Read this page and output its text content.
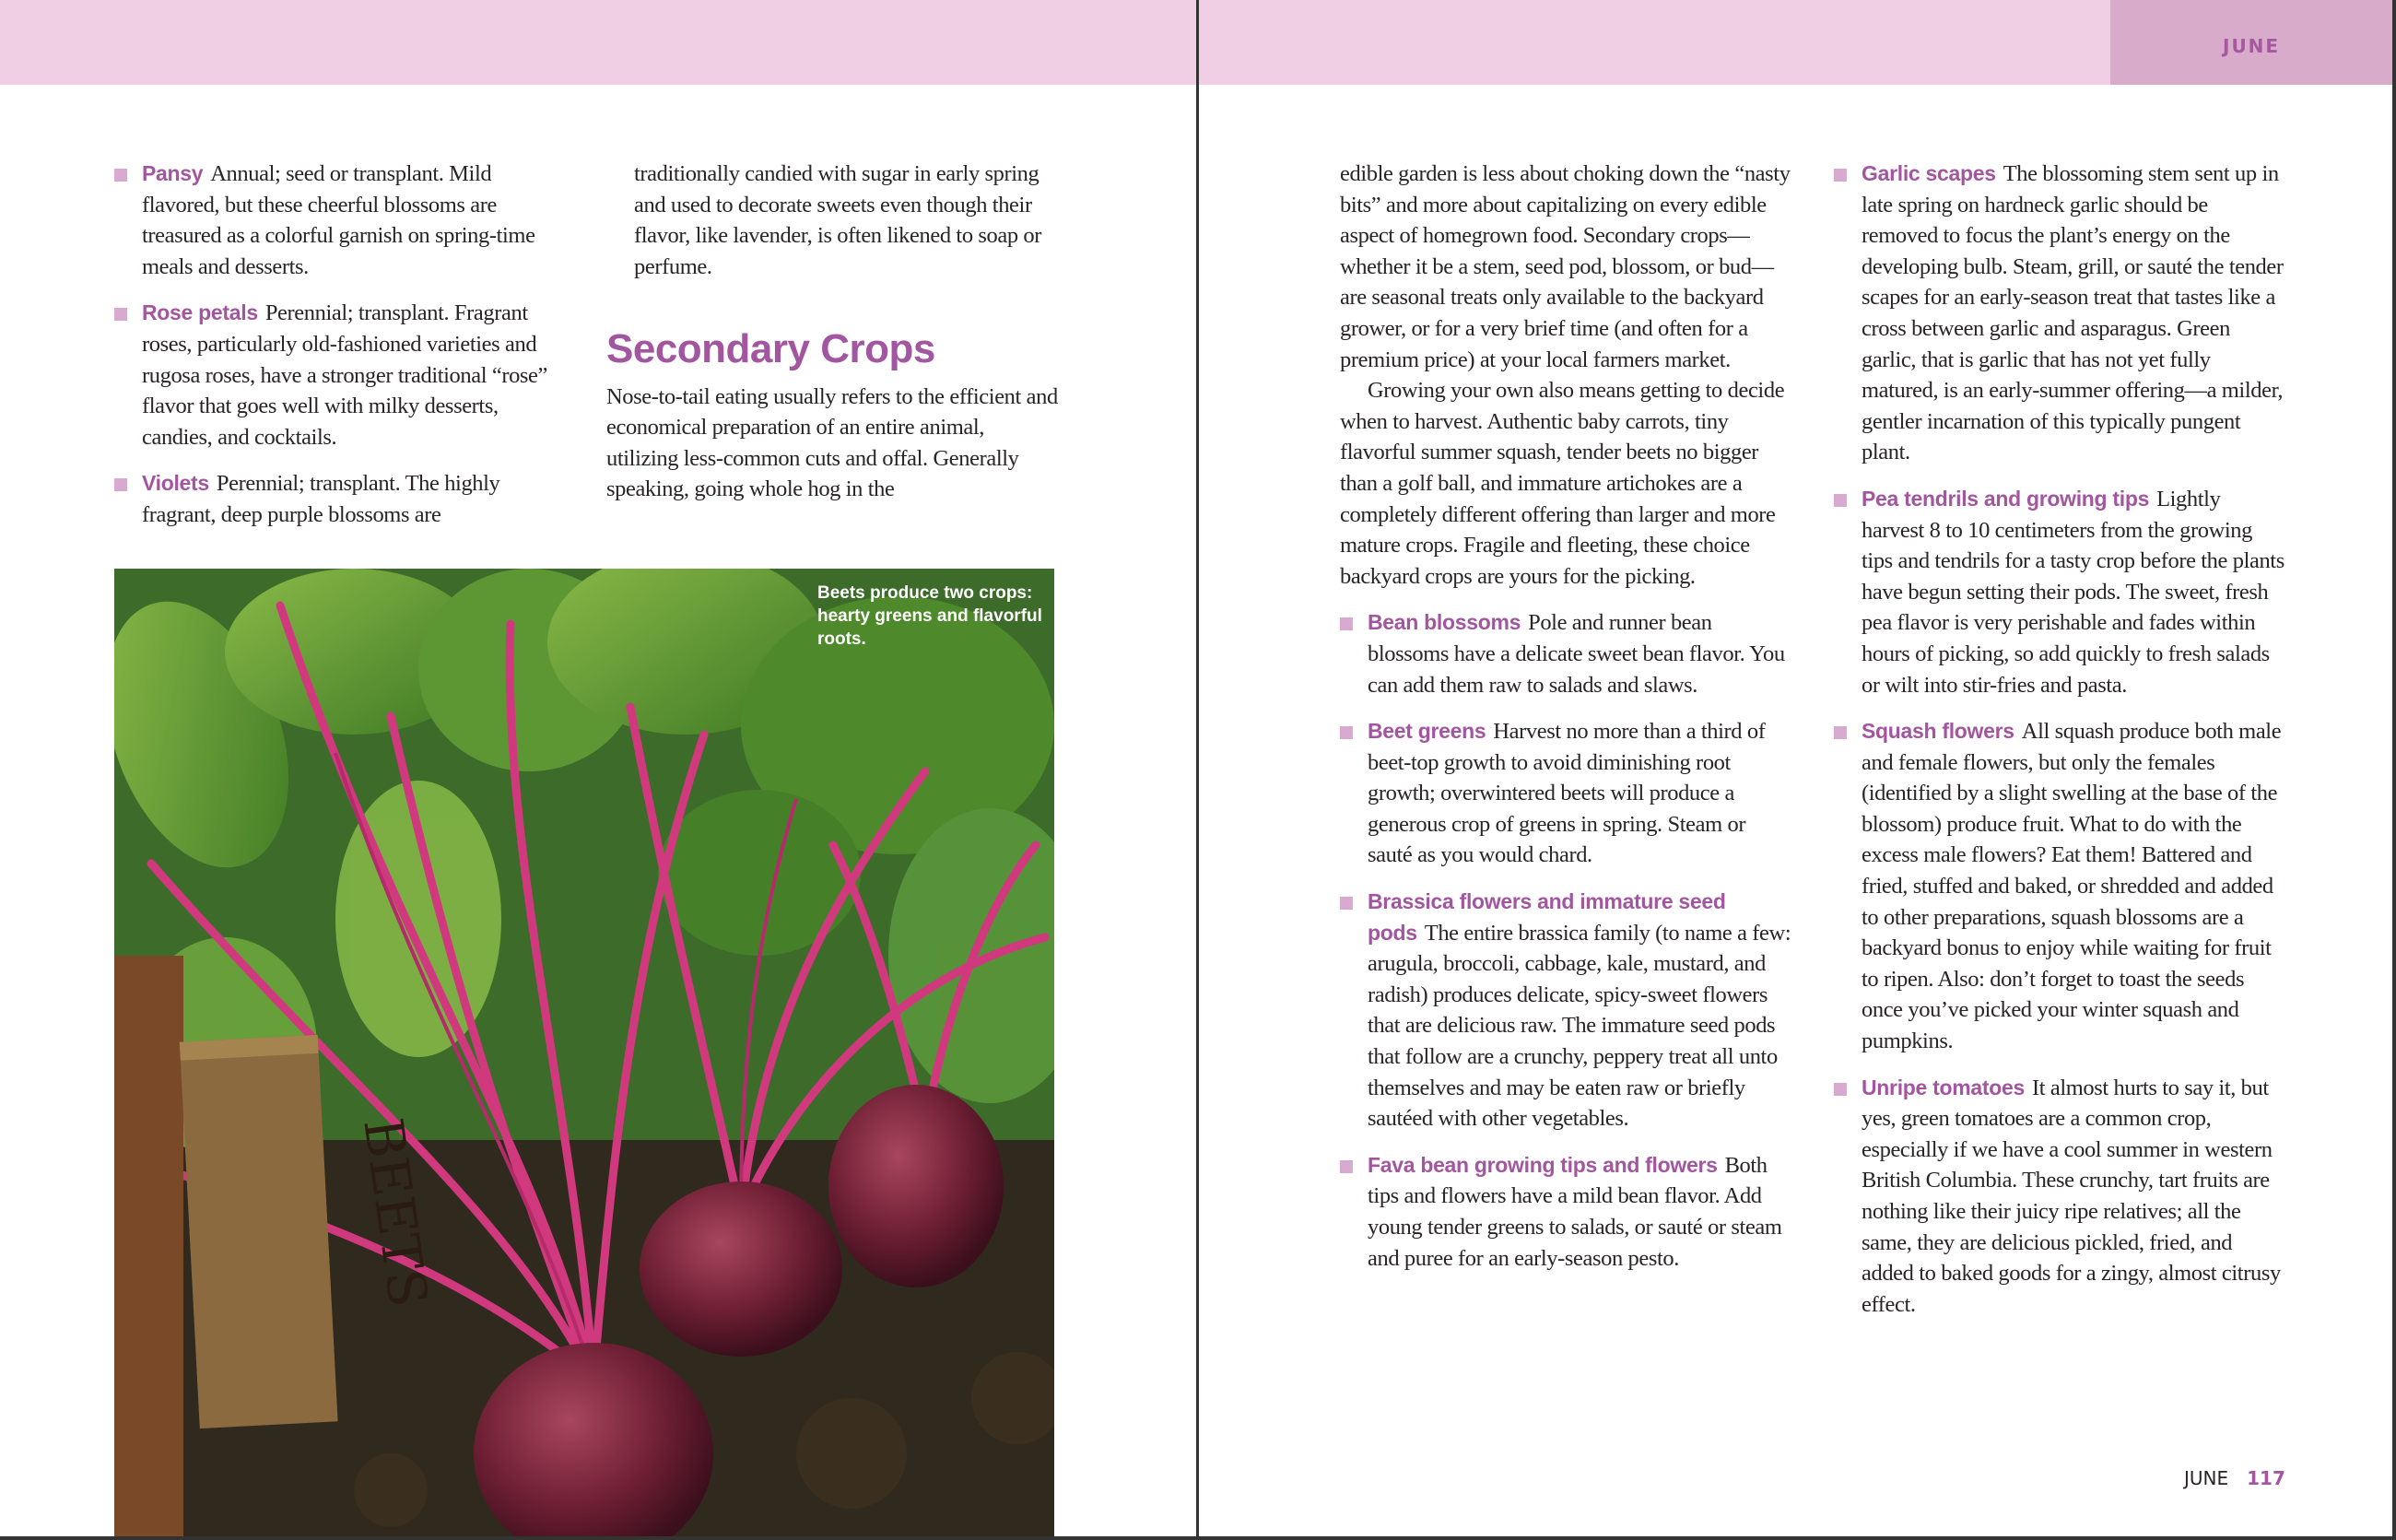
JUNE

Pansy Annual; seed or transplant. Mild flavored, but these cheerful blossoms are treasured as a colorful garnish on spring-time meals and desserts.

Rose petals Perennial; transplant. Fragrant roses, particularly old-fashioned varieties and rugosa roses, have a stronger traditional “rose” flavor that goes well with milky desserts, candies, and cocktails.

Violets Perennial; transplant. The highly fragrant, deep purple blossoms are

traditionally candied with sugar in early spring and used to decorate sweets even though their flavor, like lavender, is often likened to soap or perfume.

Secondary Crops

Nose-to-tail eating usually refers to the efficient and economical preparation of an entire animal, utilizing less-common cuts and offal. Generally speaking, going whole hog in the

BEETS
Beets produce two crops: hearty greens and flavorful roots.

edible garden is less about choking down the “nasty bits” and more about capitalizing on every edible aspect of homegrown food. Secondary crops—whether it be a stem, seed pod, blossom, or bud—are seasonal treats only available to the backyard grower, or for a very brief time (and often for a premium price) at your local farmers market.

Growing your own also means getting to decide when to harvest. Authentic baby carrots, tiny flavorful summer squash, tender beets no bigger than a golf ball, and immature artichokes are a completely different offering than larger and more mature crops. Fragile and fleeting, these choice backyard crops are yours for the picking.

Bean blossoms Pole and runner bean blossoms have a delicate sweet bean flavor. You can add them raw to salads and slaws.

Beet greens Harvest no more than a third of beet-top growth to avoid diminishing root growth; overwintered beets will produce a generous crop of greens in spring. Steam or sauté as you would chard.

Brassica flowers and immature seed pods The entire brassica family (to name a few: arugula, broccoli, cabbage, kale, mustard, and radish) produces delicate, spicy-sweet flowers that are delicious raw. The immature seed pods that follow are a crunchy, peppery treat all unto themselves and may be eaten raw or briefly sautéed with other vegetables.

Fava bean growing tips and flowers Both tips and flowers have a mild bean flavor. Add young tender greens to salads, or sauté or steam and puree for an early-season pesto.

Garlic scapes The blossoming stem sent up in late spring on hardneck garlic should be removed to focus the plant’s energy on the developing bulb. Steam, grill, or sauté the tender scapes for an early-season treat that tastes like a cross between garlic and asparagus. Green garlic, that is garlic that has not yet fully matured, is an early-summer offering—a milder, gentler incarnation of this typically pungent plant.

Pea tendrils and growing tips Lightly harvest 8 to 10 centimeters from the growing tips and tendrils for a tasty crop before the plants have begun setting their pods. The sweet, fresh pea flavor is very perishable and fades within hours of picking, so add quickly to fresh salads or wilt into stir-fries and pasta.

Squash flowers All squash produce both male and female flowers, but only the females (identified by a slight swelling at the base of the blossom) produce fruit. What to do with the excess male flowers? Eat them! Battered and fried, stuffed and baked, or shredded and added to other preparations, squash blossoms are a backyard bonus to enjoy while waiting for fruit to ripen. Also: don’t forget to toast the seeds once you’ve picked your winter squash and pumpkins.

Unripe tomatoes It almost hurts to say it, but yes, green tomatoes are a common crop, especially if we have a cool summer in western British Columbia. These crunchy, tart fruits are nothing like their juicy ripe relatives; all the same, they are delicious pickled, fried, and added to baked goods for a zingy, almost citrusy effect.

JUNE 117
